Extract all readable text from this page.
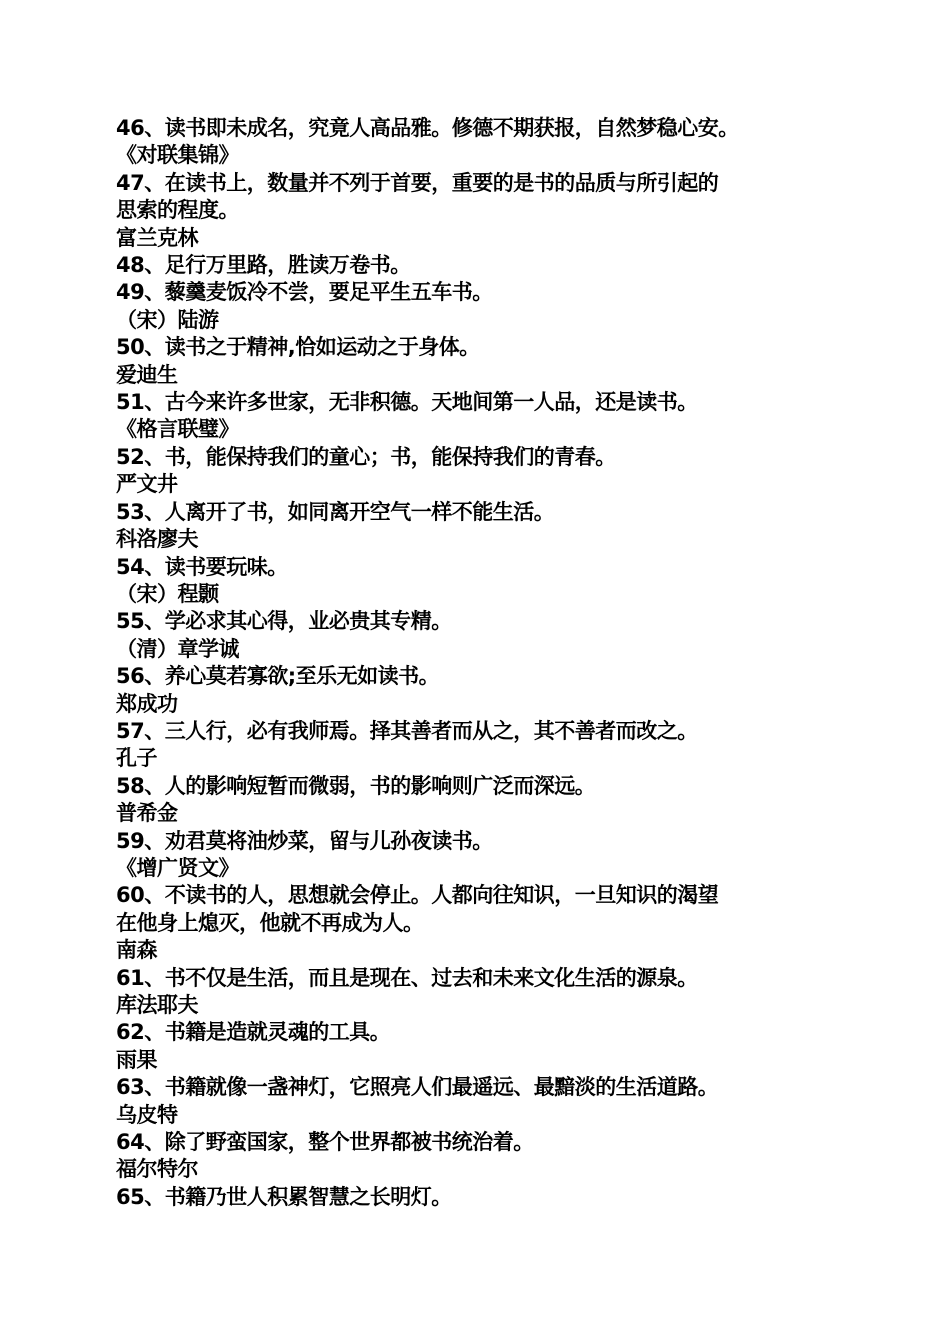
46、读书即未成名，究竟人高品雅。修德不期获报，自然梦稳心安。
《对联集锦》
47、在读书上，数量并不列于首要，重要的是书的品质与所引起的
思索的程度。
富兰克林
48、足行万里路，胜读万卷书。
49、藜羹麦饭冷不尝，要足平生五车书。
（宋）陆游
50、读书之于精神,恰如运动之于身体。
爱迪生
51、古今来许多世家，无非积德。天地间第一人品，还是读书。
《格言联璧》
52、书，能保持我们的童心；书，能保持我们的青春。
严文井
53、人离开了书，如同离开空气一样不能生活。
科洛廖夫
54、读书要玩味。
（宋）程颢
55、学必求其心得，业必贵其专精。
（清）章学诚
56、养心莫若寡欲;至乐无如读书。
郑成功
57、三人行，必有我师焉。择其善者而从之，其不善者而改之。
孔子
58、人的影响短暂而微弱，书的影响则广泛而深远。
普希金
59、劝君莫将油炒菜，留与儿孙夜读书。
《增广贤文》
60、不读书的人，思想就会停止。人都向往知识，一旦知识的渴望
在他身上熄灭，他就不再成为人。
南森
61、书不仅是生活，而且是现在、过去和未来文化生活的源泉。
库法耶夫
62、书籍是造就灵魂的工具。
雨果
63、书籍就像一盏神灯，它照亮人们最遥远、最黯淡的生活道路。
乌皮特
64、除了野蛮国家，整个世界都被书统治着。
福尔特尔
65、书籍乃世人积累智慧之长明灯。
